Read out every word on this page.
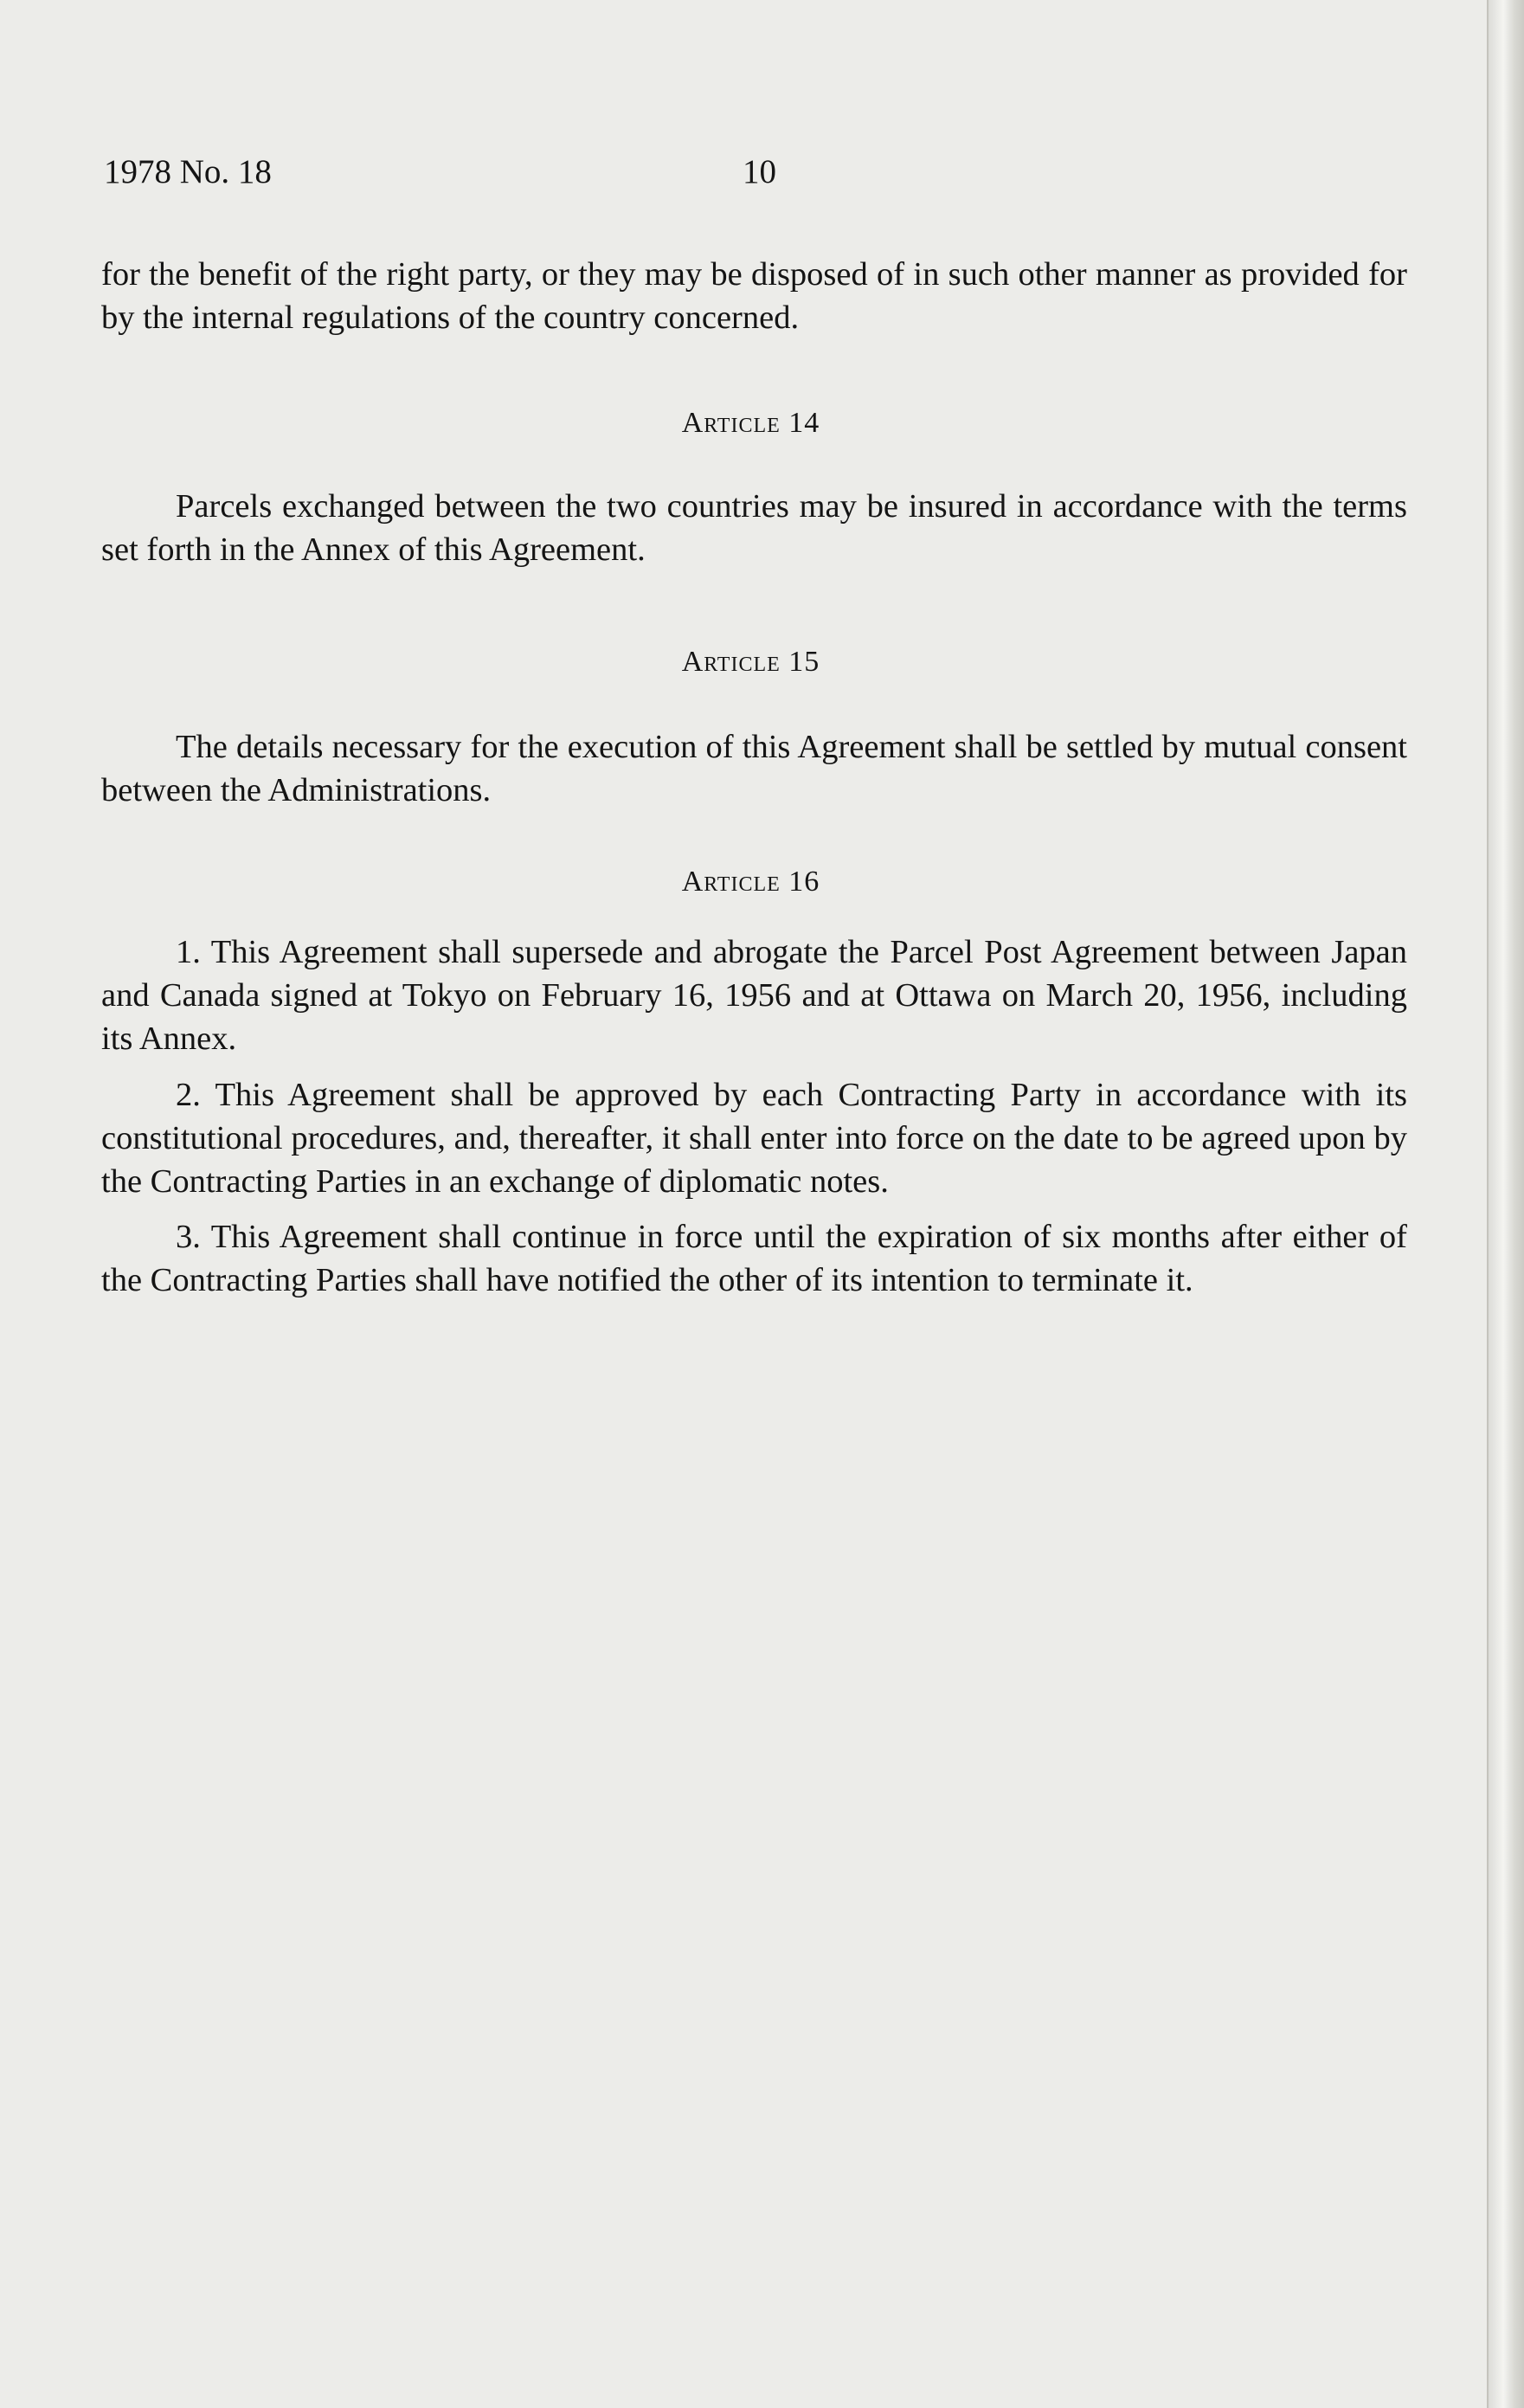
1978 No. 18	10

for the benefit of the right party, or they may be disposed of in such other manner as provided for by the internal regulations of the country concerned.

Article 14

Parcels exchanged between the two countries may be insured in accordance with the terms set forth in the Annex of this Agreement.

Article 15

The details necessary for the execution of this Agreement shall be settled by mutual consent between the Administrations.

Article 16

1. This Agreement shall supersede and abrogate the Parcel Post Agreement between Japan and Canada signed at Tokyo on February 16, 1956 and at Ottawa on March 20, 1956, including its Annex.

2. This Agreement shall be approved by each Contracting Party in accordance with its constitutional procedures, and, thereafter, it shall enter into force on the date to be agreed upon by the Contracting Parties in an exchange of diplomatic notes.

3. This Agreement shall continue in force until the expiration of six months after either of the Contracting Parties shall have notified the other of its intention to terminate it.
